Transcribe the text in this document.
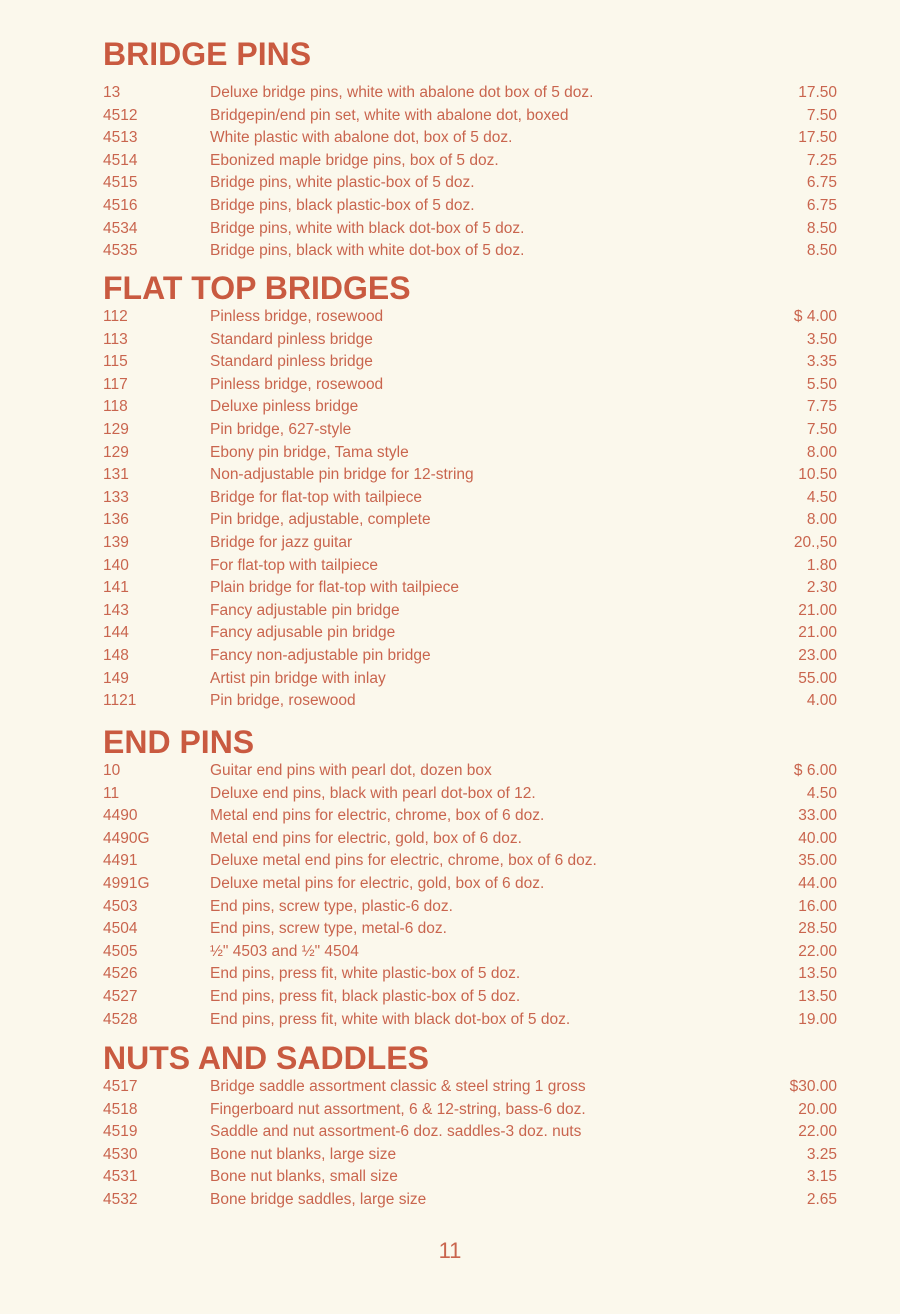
BRIDGE PINS
13	Deluxe bridge pins, white with abalone dot box of 5 doz.	17.50
4512	Bridgepin/end pin set, white with abalone dot, boxed	7.50
4513	White plastic with abalone dot, box of 5 doz.	17.50
4514	Ebonized maple bridge pins, box of 5 doz.	7.25
4515	Bridge pins, white plastic-box of 5 doz.	6.75
4516	Bridge pins, black plastic-box of 5 doz.	6.75
4534	Bridge pins, white with black dot-box of 5 doz.	8.50
4535	Bridge pins, black with white dot-box of 5 doz.	8.50
FLAT TOP BRIDGES
112	Pinless bridge, rosewood	$ 4.00
113	Standard pinless bridge	3.50
115	Standard pinless bridge	3.35
117	Pinless bridge, rosewood	5.50
118	Deluxe pinless bridge	7.75
129	Pin bridge, 627-style	7.50
129	Ebony pin bridge, Tama style	8.00
131	Non-adjustable pin bridge for 12-string	10.50
133	Bridge for flat-top with tailpiece	4.50
136	Pin bridge, adjustable, complete	8.00
139	Bridge for jazz guitar	20.,50
140	For flat-top with tailpiece	1.80
141	Plain bridge for flat-top with tailpiece	2.30
143	Fancy adjustable pin bridge	21.00
144	Fancy adjusable pin bridge	21.00
148	Fancy non-adjustable pin bridge	23.00
149	Artist pin bridge with inlay	55.00
1121	Pin bridge, rosewood	4.00
END PINS
10	Guitar end pins with pearl dot, dozen box	$ 6.00
11	Deluxe end pins, black with pearl dot-box of 12.	4.50
4490	Metal end pins for electric, chrome, box of 6 doz.	33.00
4490G	Metal end pins for electric, gold, box of 6 doz.	40.00
4491	Deluxe metal end pins for electric, chrome, box of 6 doz.	35.00
4991G	Deluxe metal pins for electric, gold, box of 6 doz.	44.00
4503	End pins, screw type, plastic-6 doz.	16.00
4504	End pins, screw type, metal-6 doz.	28.50
4505	½" 4503 and ½" 4504	22.00
4526	End pins, press fit, white plastic-box of 5 doz.	13.50
4527	End pins, press fit, black plastic-box of 5 doz.	13.50
4528	End pins, press fit, white with black dot-box of 5 doz.	19.00
NUTS AND SADDLES
4517	Bridge saddle assortment classic & steel string 1 gross	$30.00
4518	Fingerboard nut assortment, 6 & 12-string, bass-6 doz.	20.00
4519	Saddle and nut assortment-6 doz. saddles-3 doz. nuts	22.00
4530	Bone nut blanks, large size	3.25
4531	Bone nut blanks, small size	3.15
4532	Bone bridge saddles, large size	2.65
11
